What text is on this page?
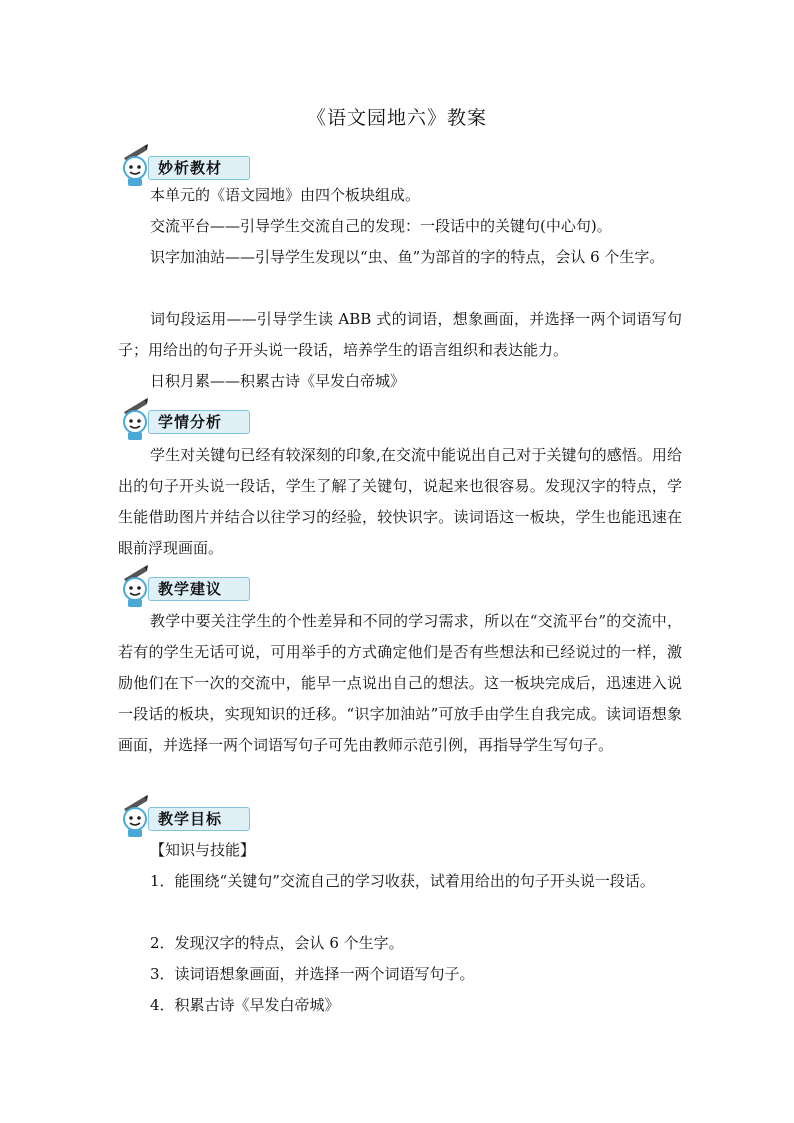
《语文园地六》教案
妙析教材
本单元的《语文园地》由四个板块组成。
交流平台——引导学生交流自己的发现：一段话中的关键句(中心句)。
识字加油站——引导学生发现以“虫、鱼”为部首的字的特点，会认 6 个生字。
词句段运用——引导学生读 ABB 式的词语，想象画面，并选择一两个词语写句子；用给出的句子开头说一段话，培养学生的语言组织和表达能力。
日积月累——积累古诗《早发白帝城》
学情分析
学生对关键句已经有较深刻的印象,在交流中能说出自己对于关键句的感悟。用给出的句子开头说一段话，学生了解了关键句，说起来也很容易。发现汉字的特点，学生能借助图片并结合以往学习的经验，较快识字。读词语这一板块，学生也能迅速在眼前浮现画面。
教学建议
教学中要关注学生的个性差异和不同的学习需求，所以在“交流平台”的交流中，若有的学生无话可说，可用举手的方式确定他们是否有些想法和已经说过的一样，激励他们在下一次的交流中，能早一点说出自己的想法。这一板块完成后，迅速进入说一段话的板块，实现知识的迁移。“识字加油站”可放手由学生自我完成。读词语想象画面，并选择一两个词语写句子可先由教师示范引例，再指导学生写句子。
教学目标
【知识与技能】
1．能围绕“关键句”交流自己的学习收获，试着用给出的句子开头说一段话。
2．发现汉字的特点，会认 6 个生字。
3．读词语想象画面，并选择一两个词语写句子。
4．积累古诗《早发白帝城》
